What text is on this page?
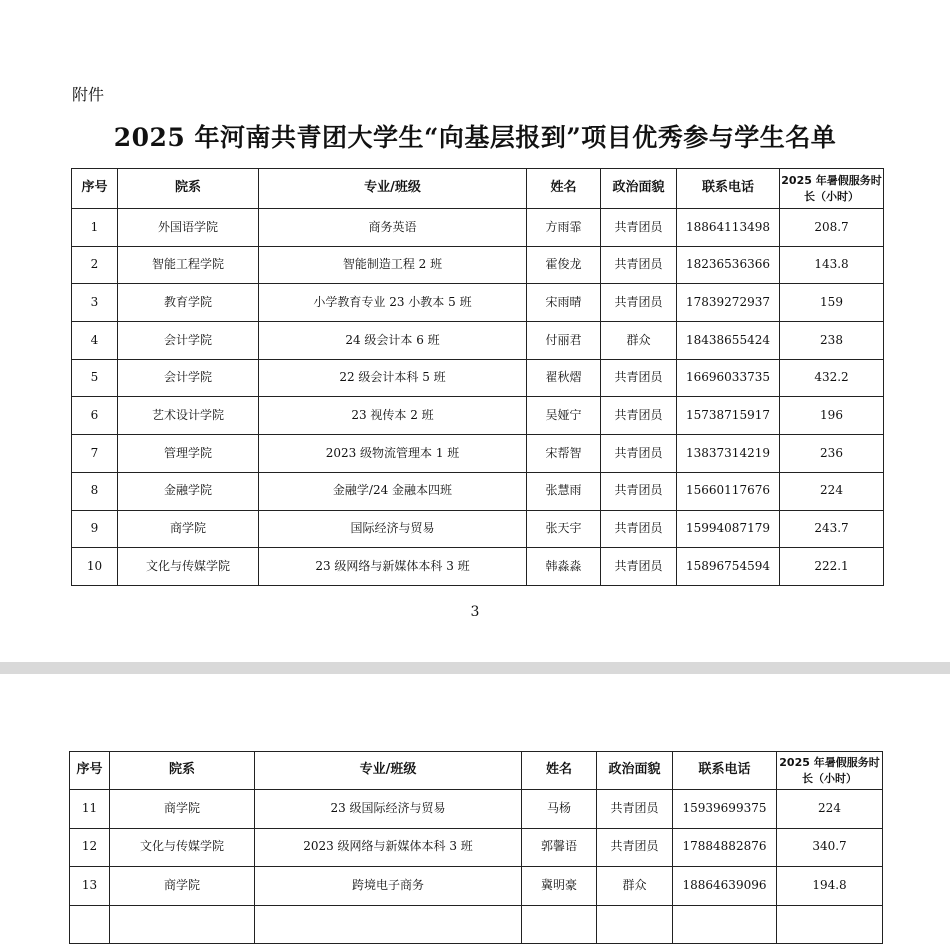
附件
2025 年河南共青团大学生“向基层报到”项目优秀参与学生名单
序号	院系	专业/班级	姓名	政治面貌	联系电话	2025 年暑假服务时长（小时）
1	外国语学院	商务英语	方雨霏	共青团员	18864113498	208.7
2	智能工程学院	智能制造工程 2 班	霍俊龙	共青团员	18236536366	143.8
3	教育学院	小学教育专业 23 小教本 5 班	宋雨晴	共青团员	17839272937	159
4	会计学院	24 级会计本 6 班	付丽君	群众	18438655424	238
5	会计学院	22 级会计本科 5 班	翟秋熠	共青团员	16696033735	432.2
6	艺术设计学院	23 视传本 2 班	吴娅宁	共青团员	15738715917	196
7	管理学院	2023 级物流管理本 1 班	宋帮智	共青团员	13837314219	236
8	金融学院	金融学/24 金融本四班	张慧雨	共青团员	15660117676	224
9	商学院	国际经济与贸易	张天宇	共青团员	15994087179	243.7
10	文化与传媒学院	23 级网络与新媒体本科 3 班	韩淼淼	共青团员	15896754594	222.1
3
序号	院系	专业/班级	姓名	政治面貌	联系电话	2025 年暑假服务时长（小时）
11	商学院	23 级国际经济与贸易	马杨	共青团员	15939699375	224
12	文化与传媒学院	2023 级网络与新媒体本科 3 班	郭馨语	共青团员	17884882876	340.7
13	商学院	跨境电子商务	冀明豪	群众	18864639096	194.8
